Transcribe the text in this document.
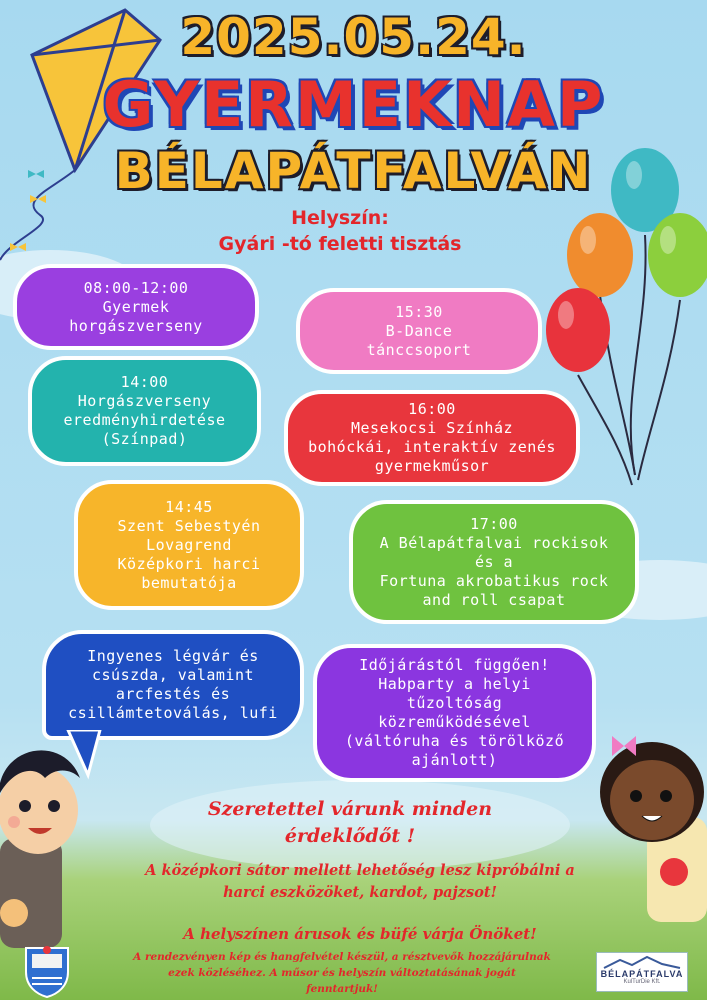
2025.05.24.
GYERMEKNAP
BÉLAPÁTFALVÁN
Helyszín:
Gyári -tó feletti tisztás
08:00-12:00
Gyermek
horgászverseny
15:30
B-Dance
tánccsoport
14:00
Horgászverseny
eredményhirdetése
(Színpad)
16:00
Mesekocsi Színház
bohóckái, interaktív zenés
gyermekműsor
14:45
Szent Sebestyén
Lovagrend
Középkori harci
bemutatója
17:00
A Bélapátfalvai rockisok
és a
Fortuna akrobatikus rock
and roll csapat
Ingyenes légvár és
csúszda, valamint
arcfestés és
csillámtetoválás, lufi
Időjárástól függően!
Habparty a helyi
tűzoltóság
közreműködésével
(váltóruha és törölköző
ajánlott)
Szeretettel várunk minden
érdeklődőt !
A középkori sátor mellett lehetőség lesz kipróbálni a
harci eszközöket, kardot, pajzsot!
A helyszínen árusok és büfé várja Önöket!
A rendezvényen kép és hangfelvétel készül, a résztvevők hozzájárulnak
ezek közléséhez. A műsor és helyszín változtatásának jogát
fenntartjuk!
BÉLAPÁTFALVA
KulTurDie Kft.
